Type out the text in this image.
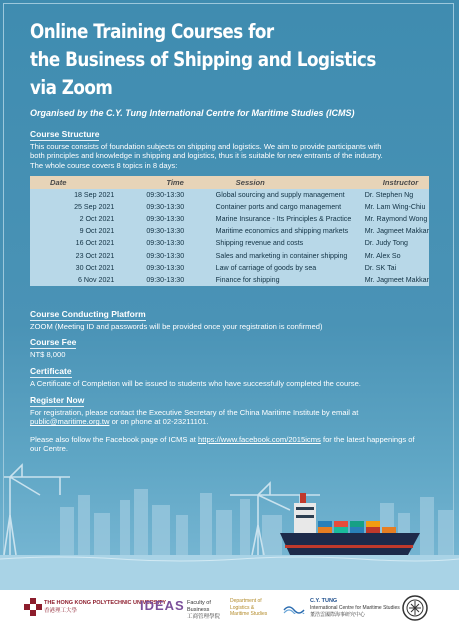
Online Training Courses for
the Business of Shipping and Logistics
via Zoom
Organised by the C.Y. Tung International Centre for Maritime Studies (ICMS)
Course Structure
This course consists of foundation subjects on shipping and logistics. We aim to provide participants with
both principles and knowledge in shipping and logistics, thus it is suitable for new entrants of the industry.
The whole course covers 8 topics in 8 days:
Date	Time	Session	Instructor
18 Sep 2021	09:30-13:30	Global sourcing and supply management	Dr. Stephen Ng
25 Sep 2021	09:30-13:30	Container ports and cargo management	Mr. Lam Wing-Chiu
2 Oct 2021	09:30-13:30	Marine Insurance - Its Principles & Practice	Mr. Raymond Wong
9 Oct 2021	09:30-13:30	Maritime economics and shipping markets	Mr. Jagmeet Makkar
16 Oct 2021	09:30-13:30	Shipping revenue and costs	Dr. Judy Tong
23 Oct 2021	09:30-13:30	Sales and marketing in container shipping	Mr. Alex So
30 Oct 2021	09:30-13:30	Law of carriage of goods by sea	Dr. SK Tai
6 Nov 2021	09:30-13:30	Finance for shipping	Mr. Jagmeet Makkar
Course Conducting Platform
ZOOM (Meeting ID and passwords will be provided once your registration is confirmed)
Course Fee
NT$ 8,000
Certificate
A Certificate of Completion will be issued to students who have successfully completed the course.
Register Now
For registration, please contact the Executive Secretary of the China Maritime Institute by email at
public@maritime.org.tw or on phone at 02-23211101.
Please also follow the Facebook page of ICMS at https://www.facebook.com/2015icms for the latest happenings of
our Centre.
THE HONG KONG POLYTECHNIC UNIVERSITY
香港理工大學	IDEAS Faculty of Business
工商管理學院
Department of Logistics & Maritime Studies
C.Y. TUNG
International Centre for Maritime Studies
董浩雲國際海事研究中心
